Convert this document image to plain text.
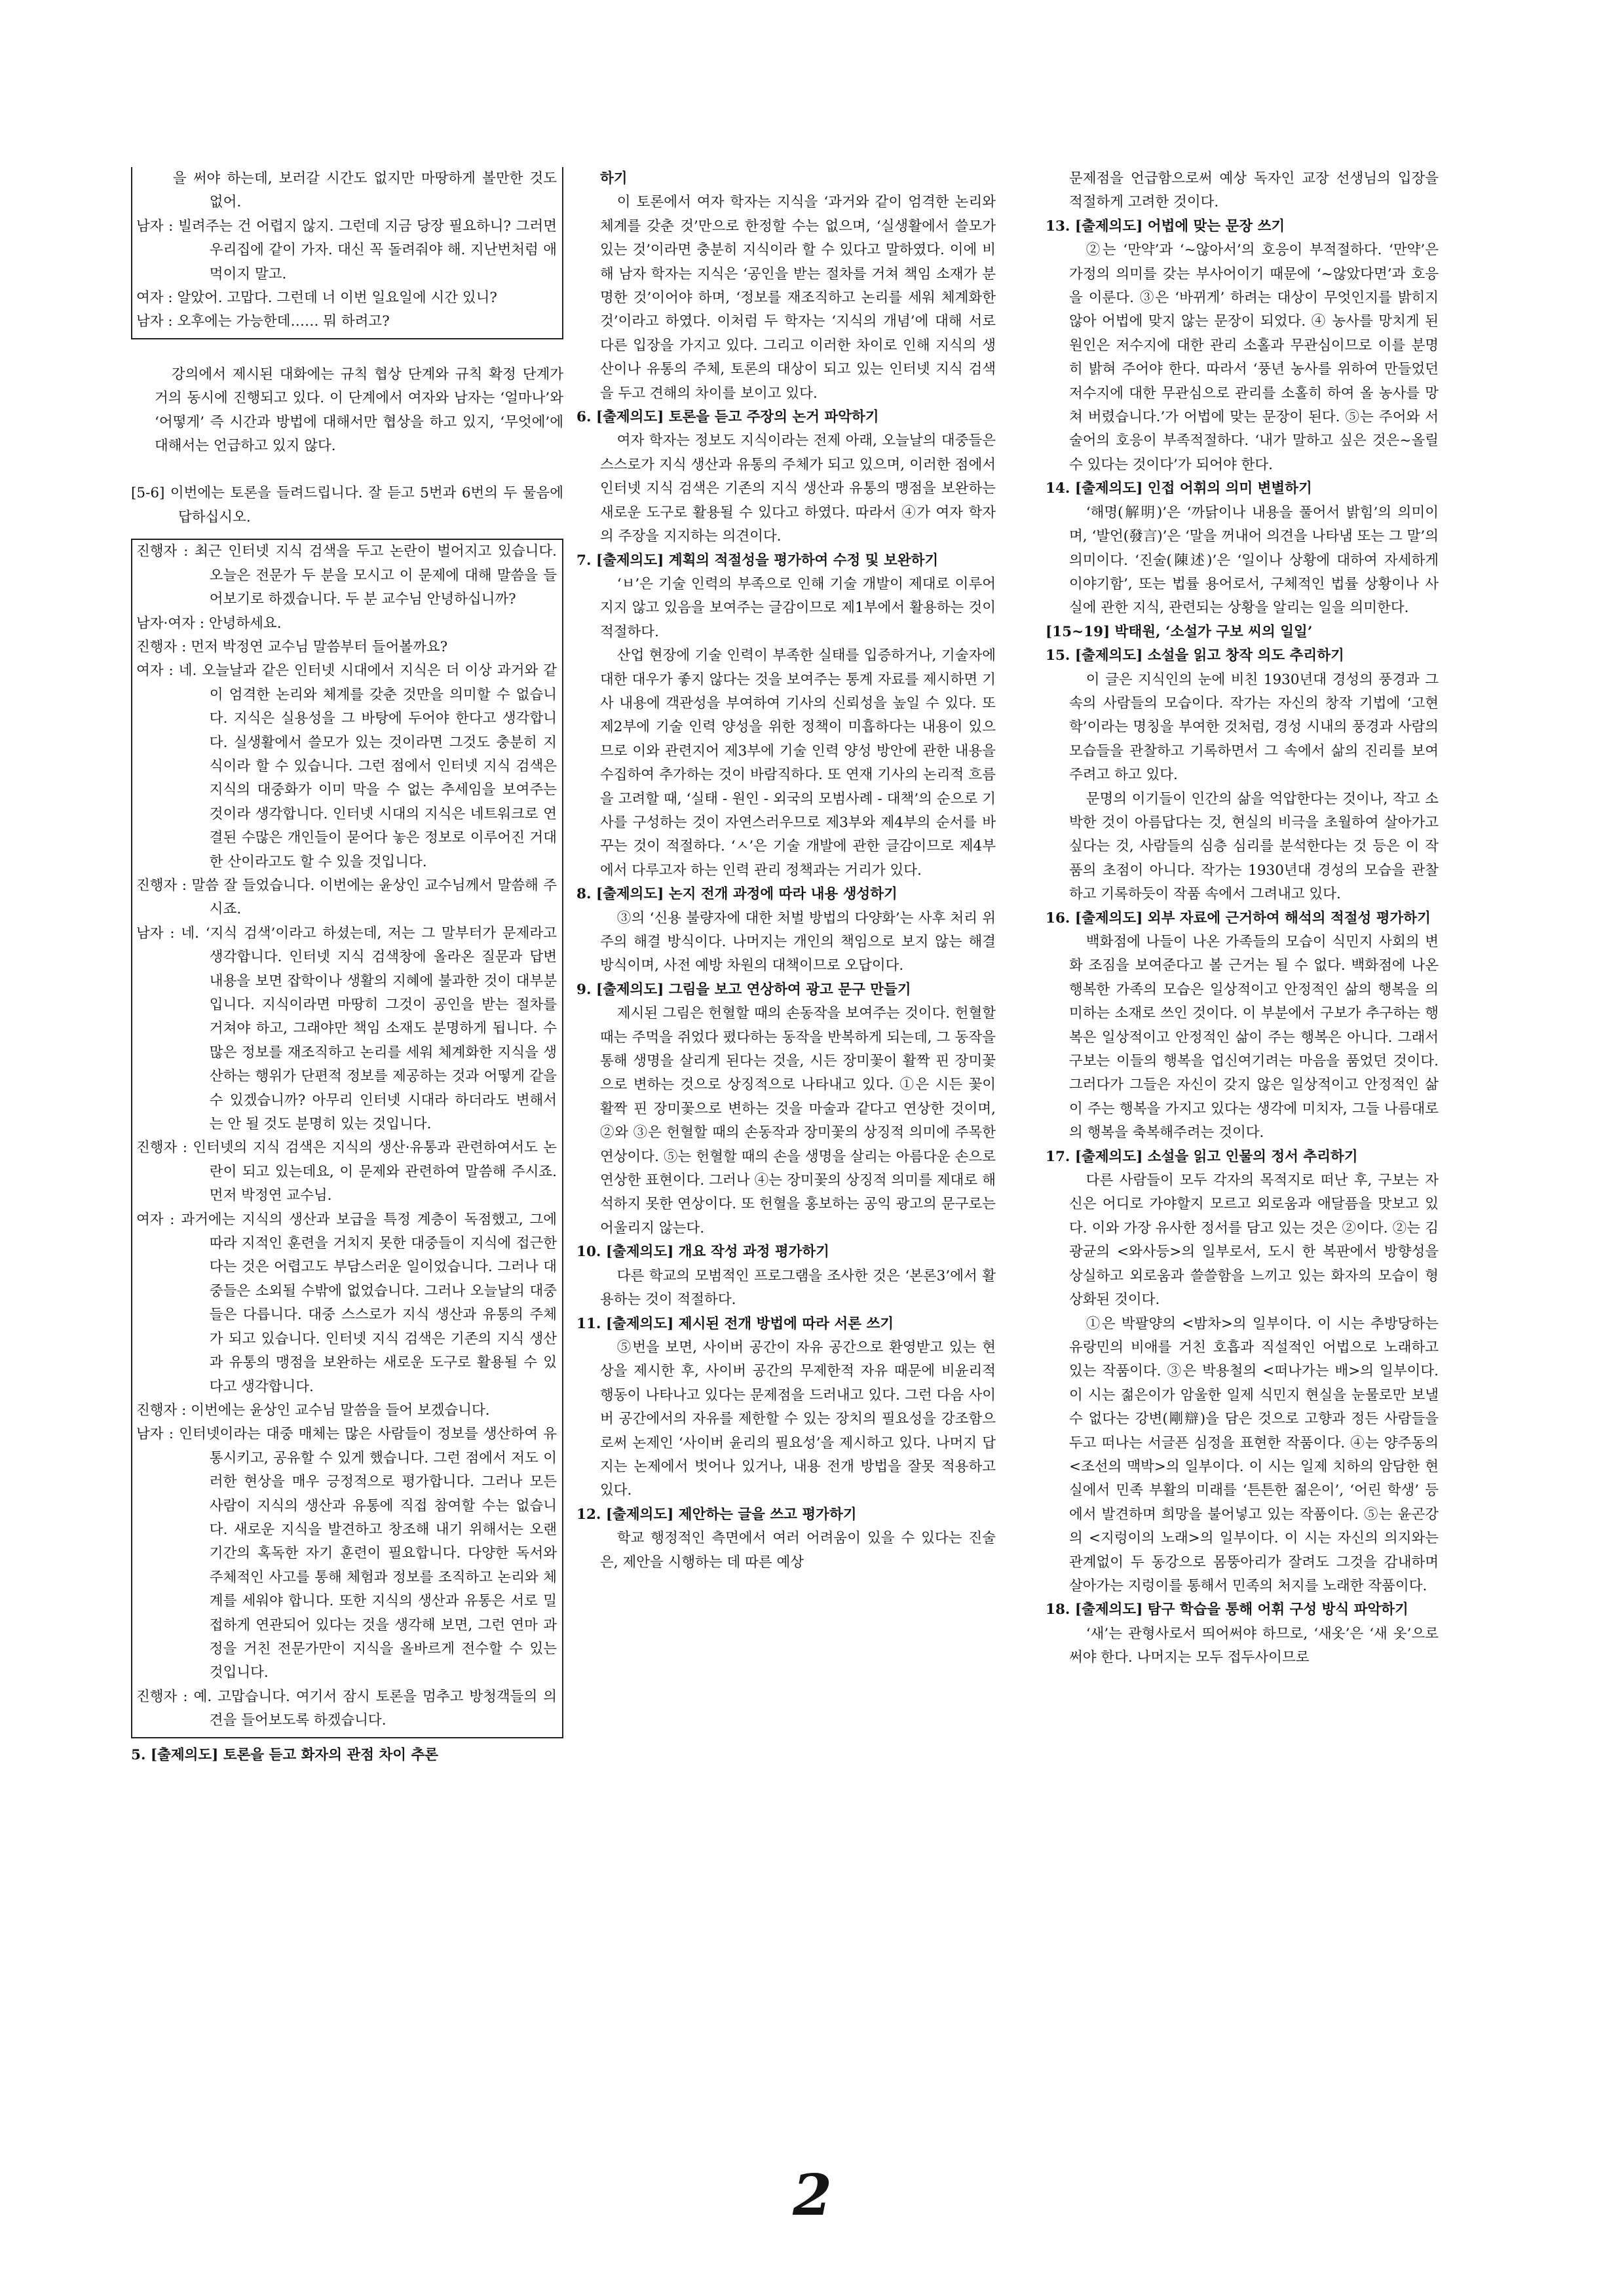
을 써야 하는데, 보러갈 시간도 없지만 마땅하게 볼만한 것도 없어.

남자 : 빌려주는 건 어렵지 않지. 그런데 지금 당장 필요하니? 그러면 우리집에 같이 가자. 대신 꼭 돌려줘야 해. 지난번처럼 애먹이지 말고.

여자 : 알았어. 고맙다. 그런데 너 이번 일요일에 시간 있니?

남자 : 오후에는 가능한데…… 뭐 하려고?

강의에서 제시된 대화에는 규칙 협상 단계와 규칙 확정 단계가 거의 동시에 진행되고 있다. 이 단계에서 여자와 남자는 ‘얼마나’와 ‘어떻게’ 즉 시간과 방법에 대해서만 협상을 하고 있지, ‘무엇에’에 대해서는 언급하고 있지 않다.

[5-6] 이번에는 토론을 들려드립니다. 잘 듣고 5번과 6번의 두 물음에 답하십시오.

진행자 : 최근 인터넷 지식 검색을 두고 논란이 벌어지고 있습니다. 오늘은 전문가 두 분을 모시고 이 문제에 대해 말씀을 들어보기로 하겠습니다. 두 분 교수님 안녕하십니까?

남자·여자 : 안녕하세요.

진행자 : 먼저 박정연 교수님 말씀부터 들어볼까요?

여자 : 네. 오늘날과 같은 인터넷 시대에서 지식은 더 이상 과거와 같이 엄격한 논리와 체계를 갖춘 것만을 의미할 수 없습니다. 지식은 실용성을 그 바탕에 두어야 한다고 생각합니다. 실생활에서 쓸모가 있는 것이라면 그것도 충분히 지식이라 할 수 있습니다. 그런 점에서 인터넷 지식 검색은 지식의 대중화가 이미 막을 수 없는 추세임을 보여주는 것이라 생각합니다. 인터넷 시대의 지식은 네트워크로 연결된 수많은 개인들이 묻어다 놓은 정보로 이루어진 거대한 산이라고도 할 수 있을 것입니다.

진행자 : 말씀 잘 들었습니다. 이번에는 윤상인 교수님께서 말씀해 주시죠.

남자 : 네. ‘지식 검색’이라고 하셨는데, 저는 그 말부터가 문제라고 생각합니다. 인터넷 지식 검색창에 올라온 질문과 답변 내용을 보면 잡학이나 생활의 지혜에 불과한 것이 대부분입니다. 지식이라면 마땅히 그것이 공인을 받는 절차를 거쳐야 하고, 그래야만 책임 소재도 분명하게 됩니다. 수많은 정보를 재조직하고 논리를 세워 체계화한 지식을 생산하는 행위가 단편적 정보를 제공하는 것과 어떻게 같을 수 있겠습니까? 아무리 인터넷 시대라 하더라도 변해서는 안 될 것도 분명히 있는 것입니다.

진행자 : 인터넷의 지식 검색은 지식의 생산·유통과 관련하여서도 논란이 되고 있는데요, 이 문제와 관련하여 말씀해 주시죠. 먼저 박정연 교수님.

여자 : 과거에는 지식의 생산과 보급을 특정 계층이 독점했고, 그에 따라 지적인 훈련을 거치지 못한 대중들이 지식에 접근한다는 것은 어렵고도 부담스러운 일이었습니다. 그러나 대중들은 소외될 수밖에 없었습니다. 그러나 오늘날의 대중들은 다릅니다. 대중 스스로가 지식 생산과 유통의 주체가 되고 있습니다. 인터넷 지식 검색은 기존의 지식 생산과 유통의 맹점을 보완하는 새로운 도구로 활용될 수 있다고 생각합니다.

진행자 : 이번에는 윤상인 교수님 말씀을 들어 보겠습니다.

남자 : 인터넷이라는 대중 매체는 많은 사람들이 정보를 생산하여 유통시키고, 공유할 수 있게 했습니다. 그런 점에서 저도 이러한 현상을 매우 긍정적으로 평가합니다. 그러나 모든 사람이 지식의 생산과 유통에 직접 참여할 수는 없습니다. 새로운 지식을 발견하고 창조해 내기 위해서는 오랜 기간의 혹독한 자기 훈련이 필요합니다. 다양한 독서와 주체적인 사고를 통해 체험과 정보를 조직하고 논리와 체계를 세워야 합니다. 또한 지식의 생산과 유통은 서로 밀접하게 연관되어 있다는 것을 생각해 보면, 그런 연마 과정을 거친 전문가만이 지식을 올바르게 전수할 수 있는 것입니다.

진행자 : 예. 고맙습니다. 여기서 잠시 토론을 멈추고 방청객들의 의견을 들어보도록 하겠습니다.

5. [출제의도] 토론을 듣고 화자의 관점 차이 추론

하기

이 토론에서 여자 학자는 지식을 ‘과거와 같이 엄격한 논리와 체계를 갖춘 것’만으로 한정할 수는 없으며, ‘실생활에서 쓸모가 있는 것’이라면 충분히 지식이라 할 수 있다고 말하였다. 이에 비해 남자 학자는 지식은 ‘공인을 받는 절차를 거쳐 책임 소재가 분명한 것’이어야 하며, ‘정보를 재조직하고 논리를 세워 체계화한 것’이라고 하였다. 이처럼 두 학자는 ‘지식의 개념’에 대해 서로 다른 입장을 가지고 있다. 그리고 이러한 차이로 인해 지식의 생산이나 유통의 주체, 토론의 대상이 되고 있는 인터넷 지식 검색을 두고 견해의 차이를 보이고 있다.

6. [출제의도] 토론을 듣고 주장의 논거 파악하기

여자 학자는 정보도 지식이라는 전제 아래, 오늘날의 대중들은 스스로가 지식 생산과 유통의 주체가 되고 있으며, 이러한 점에서 인터넷 지식 검색은 기존의 지식 생산과 유통의 맹점을 보완하는 새로운 도구로 활용될 수 있다고 하였다. 따라서 ④가 여자 학자의 주장을 지지하는 의견이다.

7. [출제의도] 계획의 적절성을 평가하여 수정 및 보완하기

‘ㅂ’은 기술 인력의 부족으로 인해 기술 개발이 제대로 이루어지지 않고 있음을 보여주는 글감이므로 제1부에서 활용하는 것이 적절하다.

산업 현장에 기술 인력이 부족한 실태를 입증하거나, 기술자에 대한 대우가 좋지 않다는 것을 보여주는 통계 자료를 제시하면 기사 내용에 객관성을 부여하여 기사의 신뢰성을 높일 수 있다. 또 제2부에 기술 인력 양성을 위한 정책이 미흡하다는 내용이 있으므로 이와 관련지어 제3부에 기술 인력 양성 방안에 관한 내용을 수집하여 추가하는 것이 바람직하다. 또 연재 기사의 논리적 흐름을 고려할 때, ‘실태 - 원인 - 외국의 모범사례 - 대책’의 순으로 기사를 구성하는 것이 자연스러우므로 제3부와 제4부의 순서를 바꾸는 것이 적절하다. ‘ㅅ’은 기술 개발에 관한 글감이므로 제4부에서 다루고자 하는 인력 관리 정책과는 거리가 있다.

8. [출제의도] 논지 전개 과정에 따라 내용 생성하기

③의 ‘신용 불량자에 대한 처벌 방법의 다양화’는 사후 처리 위주의 해결 방식이다. 나머지는 개인의 책임으로 보지 않는 해결 방식이며, 사전 예방 차원의 대책이므로 오답이다.

9. [출제의도] 그림을 보고 연상하여 광고 문구 만들기

제시된 그림은 헌혈할 때의 손동작을 보여주는 것이다. 헌혈할 때는 주먹을 쥐었다 폈다하는 동작을 반복하게 되는데, 그 동작을 통해 생명을 살리게 된다는 것을, 시든 장미꽃이 활짝 핀 장미꽃으로 변하는 것으로 상징적으로 나타내고 있다. ①은 시든 꽃이 활짝 핀 장미꽃으로 변하는 것을 마술과 같다고 연상한 것이며, ②와 ③은 헌혈할 때의 손동작과 장미꽃의 상징적 의미에 주목한 연상이다. ⑤는 헌혈할 때의 손을 생명을 살리는 아름다운 손으로 연상한 표현이다. 그러나 ④는 장미꽃의 상징적 의미를 제대로 해석하지 못한 연상이다. 또 헌혈을 홍보하는 공익 광고의 문구로는 어울리지 않는다.

10. [출제의도] 개요 작성 과정 평가하기

다른 학교의 모범적인 프로그램을 조사한 것은 ‘본론3’에서 활용하는 것이 적절하다.

11. [출제의도] 제시된 전개 방법에 따라 서론 쓰기

⑤번을 보면, 사이버 공간이 자유 공간으로 환영받고 있는 현상을 제시한 후, 사이버 공간의 무제한적 자유 때문에 비윤리적 행동이 나타나고 있다는 문제점을 드러내고 있다. 그런 다음 사이버 공간에서의 자유를 제한할 수 있는 장치의 필요성을 강조함으로써 논제인 ‘사이버 윤리의 필요성’을 제시하고 있다. 나머지 답지는 논제에서 벗어나 있거나, 내용 전개 방법을 잘못 적용하고 있다.

12. [출제의도] 제안하는 글을 쓰고 평가하기

학교 행정적인 측면에서 여러 어려움이 있을 수 있다는 진술은, 제안을 시행하는 데 따른 예상

문제점을 언급함으로써 예상 독자인 교장 선생님의 입장을 적절하게 고려한 것이다.

13. [출제의도] 어법에 맞는 문장 쓰기

②는 ‘만약’과 ‘~않아서’의 호응이 부적절하다. ‘만약’은 가정의 의미를 갖는 부사어이기 때문에 ‘~않았다면’과 호응을 이룬다. ③은 ‘바뀌게’ 하려는 대상이 무엇인지를 밝히지 않아 어법에 맞지 않는 문장이 되었다. ④ 농사를 망치게 된 원인은 저수지에 대한 관리 소홀과 무관심이므로 이를 분명히 밝혀 주어야 한다. 따라서 ‘풍년 농사를 위하여 만들었던 저수지에 대한 무관심으로 관리를 소홀히 하여 올 농사를 망쳐 버렸습니다.’가 어법에 맞는 문장이 된다. ⑤는 주어와 서술어의 호응이 부족적절하다. ‘내가 말하고 싶은 것은~올릴 수 있다는 것이다’가 되어야 한다.

14. [출제의도] 인접 어휘의 의미 변별하기

‘해명(解明)’은 ‘까닭이나 내용을 풀어서 밝힘’의 의미이며, ‘발언(發言)’은 ‘말을 꺼내어 의견을 나타냄 또는 그 말’의 의미이다. ‘진술(陳述)’은 ‘일이나 상황에 대하여 자세하게 이야기함’, 또는 법률 용어로서, 구체적인 법률 상황이나 사실에 관한 지식, 관련되는 상황을 알리는 일을 의미한다.

[15~19] 박태원, ‘소설가 구보 씨의 일일’

15. [출제의도] 소설을 읽고 창작 의도 추리하기

이 글은 지식인의 눈에 비친 1930년대 경성의 풍경과 그 속의 사람들의 모습이다. 작가는 자신의 창작 기법에 ‘고현학’이라는 명칭을 부여한 것처럼, 경성 시내의 풍경과 사람의 모습들을 관찰하고 기록하면서 그 속에서 삶의 진리를 보여주려고 하고 있다.

문명의 이기들이 인간의 삶을 억압한다는 것이나, 작고 소박한 것이 아름답다는 것, 현실의 비극을 초월하여 살아가고 싶다는 것, 사람들의 심층 심리를 분석한다는 것 등은 이 작품의 초점이 아니다. 작가는 1930년대 경성의 모습을 관찰하고 기록하듯이 작품 속에서 그려내고 있다.

16. [출제의도] 외부 자료에 근거하여 해석의 적절성 평가하기

백화점에 나들이 나온 가족들의 모습이 식민지 사회의 변화 조짐을 보여준다고 볼 근거는 될 수 없다. 백화점에 나온 행복한 가족의 모습은 일상적이고 안정적인 삶의 행복을 의미하는 소재로 쓰인 것이다. 이 부분에서 구보가 추구하는 행복은 일상적이고 안정적인 삶이 주는 행복은 아니다. 그래서 구보는 이들의 행복을 업신여기려는 마음을 품었던 것이다. 그러다가 그들은 자신이 갖지 않은 일상적이고 안정적인 삶이 주는 행복을 가지고 있다는 생각에 미치자, 그들 나름대로의 행복을 축복해주려는 것이다.

17. [출제의도] 소설을 읽고 인물의 정서 추리하기

다른 사람들이 모두 각자의 목적지로 떠난 후, 구보는 자신은 어디로 가야할지 모르고 외로움과 애달픔을 맛보고 있다. 이와 가장 유사한 정서를 담고 있는 것은 ②이다. ②는 김광균의 <와사등>의 일부로서, 도시 한 복판에서 방향성을 상실하고 외로움과 쓸쓸함을 느끼고 있는 화자의 모습이 형상화된 것이다.

①은 박팔양의 <밤차>의 일부이다. 이 시는 추방당하는 유랑민의 비애를 거친 호흡과 직설적인 어법으로 노래하고 있는 작품이다. ③은 박용철의 <떠나가는 배>의 일부이다. 이 시는 젊은이가 암울한 일제 식민지 현실을 눈물로만 보낼 수 없다는 강변(剛辯)을 담은 것으로 고향과 정든 사람들을 두고 떠나는 서글픈 심정을 표현한 작품이다. ④는 양주동의 <조선의 맥박>의 일부이다. 이 시는 일제 치하의 암담한 현실에서 민족 부활의 미래를 ‘튼튼한 젊은이’, ‘어린 학생’ 등에서 발견하며 희망을 불어넣고 있는 작품이다. ⑤는 윤곤강의 <지렁이의 노래>의 일부이다. 이 시는 자신의 의지와는 관계없이 두 동강으로 몸뚱아리가 잘려도 그것을 감내하며 살아가는 지렁이를 통해서 민족의 처지를 노래한 작품이다.

18. [출제의도] 탐구 학습을 통해 어휘 구성 방식 파악하기

‘새’는 관형사로서 띄어써야 하므로, ‘새옷’은 ‘새 옷’으로 써야 한다. 나머지는 모두 접두사이므로

2
